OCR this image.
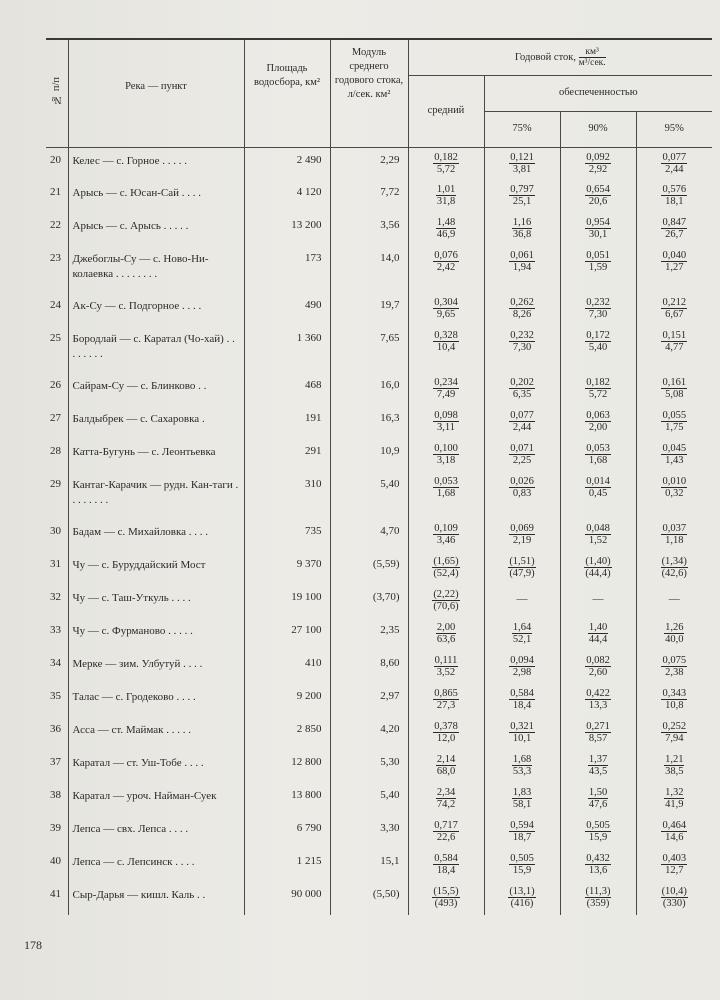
№ п/п	Река — пункт	Площадь водосбора, км²	Модуль среднего годового стока, л/сек. км²	Годовой сток, $\frac{\text{км³}}{\text{м³/сек.}}$
				средний	обеспеченностью		
					75%	90%	95%
20	Келес — с. Горное . . . . .	2 490	2,29	$\frac{0,182}{5,72}$	$\frac{0,121}{3,81}$	$\frac{0,092}{2,92}$	$\frac{0,077}{2,44}$

21	Арысь — с. Юсан-Сай . . . .	4 120	7,72	$\frac{1,01}{31,8}$	$\frac{0,797}{25,1}$	$\frac{0,654}{20,6}$	$\frac{0,576}{18,1}$

22	Арысь — с. Арысь . . . . .	13 200	3,56	$\frac{1,48}{46,9}$	$\frac{1,16}{36,8}$	$\frac{0,954}{30,1}$	$\frac{0,847}{26,7}$

23	Джебоглы-Су — с. Ново-Ни-колаевка . . . . . . . .	173	14,0	$\frac{0,076}{2,42}$	$\frac{0,061}{1,94}$	$\frac{0,051}{1,59}$	$\frac{0,040}{1,27}$

24	Ак-Су — с. Подгорное . . . .	490	19,7	$\frac{0,304}{9,65}$	$\frac{0,262}{8,26}$	$\frac{0,232}{7,30}$	$\frac{0,212}{6,67}$

25	Бородлай — с. Каратал (Чо-хай) . . . . . . . .	1 360	7,65	$\frac{0,328}{10,4}$	$\frac{0,232}{7,30}$	$\frac{0,172}{5,40}$	$\frac{0,151}{4,77}$

26	Сайрам-Су — с. Блинково . .	468	16,0	$\frac{0,234}{7,49}$	$\frac{0,202}{6,35}$	$\frac{0,182}{5,72}$	$\frac{0,161}{5,08}$

27	Балдыбрек — с. Сахаровка .	191	16,3	$\frac{0,098}{3,11}$	$\frac{0,077}{2,44}$	$\frac{0,063}{2,00}$	$\frac{0,055}{1,75}$

28	Катта-Бугунь — с. Леонтьевка	291	10,9	$\frac{0,100}{3,18}$	$\frac{0,071}{2,25}$	$\frac{0,053}{1,68}$	$\frac{0,045}{1,43}$

29	Кантаг-Карачик — рудн. Кан-таги . . . . . . . .	310	5,40	$\frac{0,053}{1,68}$	$\frac{0,026}{0,83}$	$\frac{0,014}{0,45}$	$\frac{0,010}{0,32}$

30	Бадам — с. Михайловка . . . .	735	4,70	$\frac{0,109}{3,46}$	$\frac{0,069}{2,19}$	$\frac{0,048}{1,52}$	$\frac{0,037}{1,18}$

31	Чу — с. Буруддайский Мост	9 370	(5,59)	$\frac{(1,65)}{(52,4)}$	$\frac{(1,51)}{(47,9)}$	$\frac{(1,40)}{(44,4)}$	$\frac{(1,34)}{(42,6)}$

32	Чу — с. Таш-Уткуль . . . .	19 100	(3,70)	$\frac{(2,22)}{(70,6)}$	—	—	—
33	Чу — с. Фурманово . . . . .	27 100	2,35	$\frac{2,00}{63,6}$	$\frac{1,64}{52,1}$	$\frac{1,40}{44,4}$	$\frac{1,26}{40,0}$

34	Мерке — зим. Улбутуй . . . .	410	8,60	$\frac{0,111}{3,52}$	$\frac{0,094}{2,98}$	$\frac{0,082}{2,60}$	$\frac{0,075}{2,38}$

35	Талас — с. Гродеково . . . .	9 200	2,97	$\frac{0,865}{27,3}$	$\frac{0,584}{18,4}$	$\frac{0,422}{13,3}$	$\frac{0,343}{10,8}$

36	Асса — ст. Маймак . . . . .	2 850	4,20	$\frac{0,378}{12,0}$	$\frac{0,321}{10,1}$	$\frac{0,271}{8,57}$	$\frac{0,252}{7,94}$

37	Каратал — ст. Уш-Тобе . . . .	12 800	5,30	$\frac{2,14}{68,0}$	$\frac{1,68}{53,3}$	$\frac{1,37}{43,5}$	$\frac{1,21}{38,5}$

38	Каратал — уроч. Найман-Суек	13 800	5,40	$\frac{2,34}{74,2}$	$\frac{1,83}{58,1}$	$\frac{1,50}{47,6}$	$\frac{1,32}{41,9}$

39	Лепса — свх. Лепса . . . .	6 790	3,30	$\frac{0,717}{22,6}$	$\frac{0,594}{18,7}$	$\frac{0,505}{15,9}$	$\frac{0,464}{14,6}$

40	Лепса — с. Лепсинск . . . .	1 215	15,1	$\frac{0,584}{18,4}$	$\frac{0,505}{15,9}$	$\frac{0,432}{13,6}$	$\frac{0,403}{12,7}$

41	Сыр-Дарья — кишл. Каль . .	90 000	(5,50)	$\frac{(15,5)}{(493)}$	$\frac{(13,1)}{(416)}$	$\frac{(11,3)}{(359)}$	$\frac{(10,4)}{(330)}$
178
